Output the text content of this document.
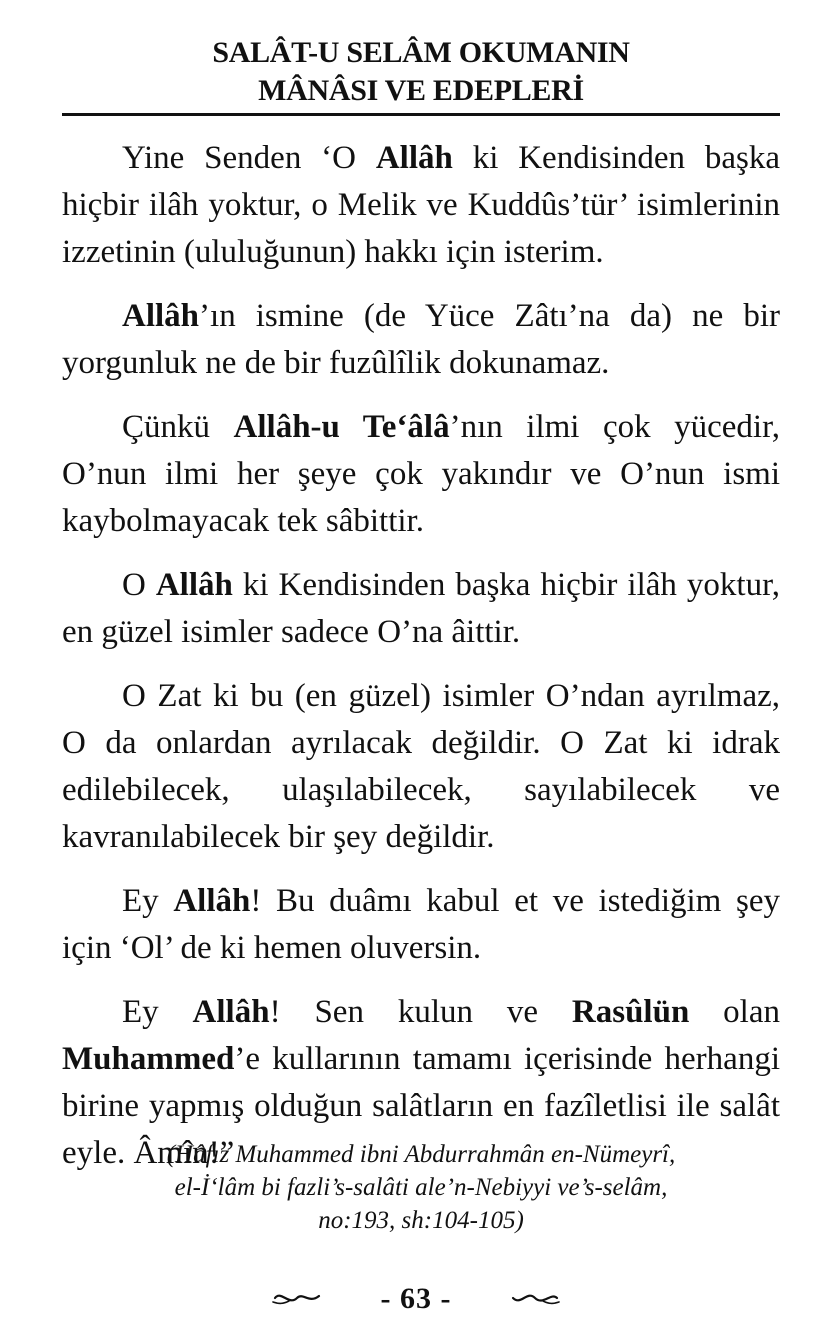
SALÂT-U SELÂM OKUMANIN
MÂNÂSI VE EDEPLERİ

Yine Senden ‘O Allâh ki Kendisinden başka hiçbir ilâh yoktur, o Melik ve Kuddûs’tür’ isimlerinin izzetinin (ululuğunun) hakkı için isterim.

Allâh’ın ismine (de Yüce Zâtı’na da) ne bir yorgunluk ne de bir fuzûlîlik dokunamaz.

Çünkü Allâh-u Te‘âlâ’nın ilmi çok yücedir, O’nun ilmi her şeye çok yakındır ve O’nun ismi kaybolmayacak tek sâbittir.

O Allâh ki Kendisinden başka hiçbir ilâh yoktur, en güzel isimler sadece O’na âittir.

O Zat ki bu (en güzel) isimler O’ndan ayrılmaz, O da onlardan ayrılacak değildir. O Zat ki idrak edilebilecek, ulaşılabilecek, sayılabilecek ve kavranılabilecek bir şey değildir.

Ey Allâh! Bu duâmı kabul et ve istediğim şey için ‘Ol’ de ki hemen oluversin.

Ey Allâh! Sen kulun ve Rasûlün olan Muhammed’e kullarının tamamı içerisinde herhangi birine yapmış olduğun salâtların en fazîletlisi ile salât eyle. Âmîn!”

(Hâfız Muhammed ibni Abdurrahmân en-Nümeyrî,
el-İ‘lâm bi fazli’s-salâti ale’n-Nebiyyi ve’s-selâm,
no:193, sh:104-105)
- 63 -
